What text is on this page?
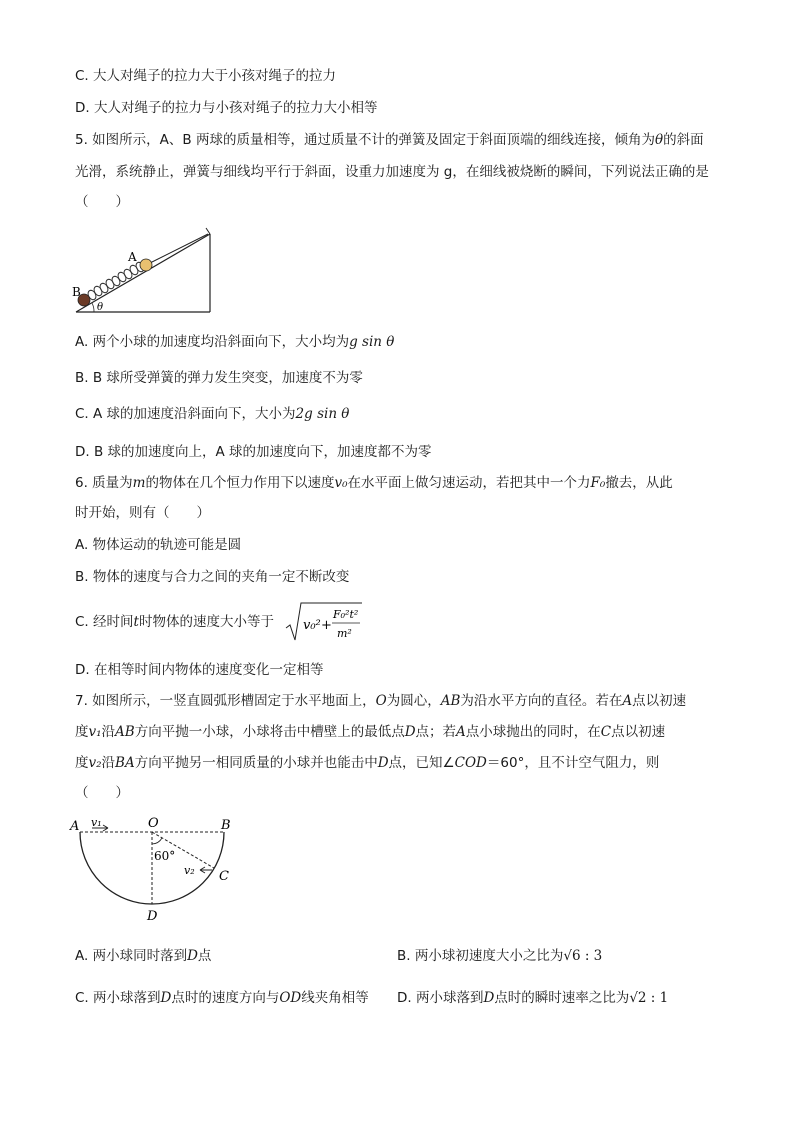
C. 大人对绳子的拉力大于小孩对绳子的拉力
D. 大人对绳子的拉力与小孩对绳子的拉力大小相等
5. 如图所示，A、B 两球的质量相等，通过质量不计的弹簧及固定于斜面顶端的细线连接，倾角为θ的斜面
光滑，系统静止，弹簧与细线均平行于斜面，设重力加速度为 g，在细线被烧断的瞬间，下列说法正确的是
（　　）
A
B
θ
A. 两个小球的加速度均沿斜面向下，大小均为g sin θ
B. B 球所受弹簧的弹力发生突变，加速度不为零
C. A 球的加速度沿斜面向下，大小为2g sin θ
D. B 球的加速度向上，A 球的加速度向下，加速度都不为零
6. 质量为m的物体在几个恒力作用下以速度v₀在水平面上做匀速运动，若把其中一个力F₀撤去，从此
时开始，则有（　　）
A. 物体运动的轨迹可能是圆
B. 物体的速度与合力之间的夹角一定不断改变
C. 经时间t时物体的速度大小等于 v₀² +
F₀²t²
m²
D. 在相等时间内物体的速度变化一定相等
7. 如图所示，一竖直圆弧形槽固定于水平地面上，O为圆心，AB为沿水平方向的直径。若在A点以初速
度v₁沿AB方向平抛一小球，小球将击中槽壁上的最低点D点；若A点小球抛出的同时，在C点以初速
度v₂沿BA方向平抛另一相同质量的小球并也能击中D点，已知∠COD＝60°，且不计空气阻力，则
（　　）
A v₁	O	B
60°
v₂ C
D
A. 两小球同时落到D点	B. 两小球初速度大小之比为√6 : 3
C. 两小球落到D点时的速度方向与OD线夹角相等 D. 两小球落到D点时的瞬时速率之比为√2 : 1
